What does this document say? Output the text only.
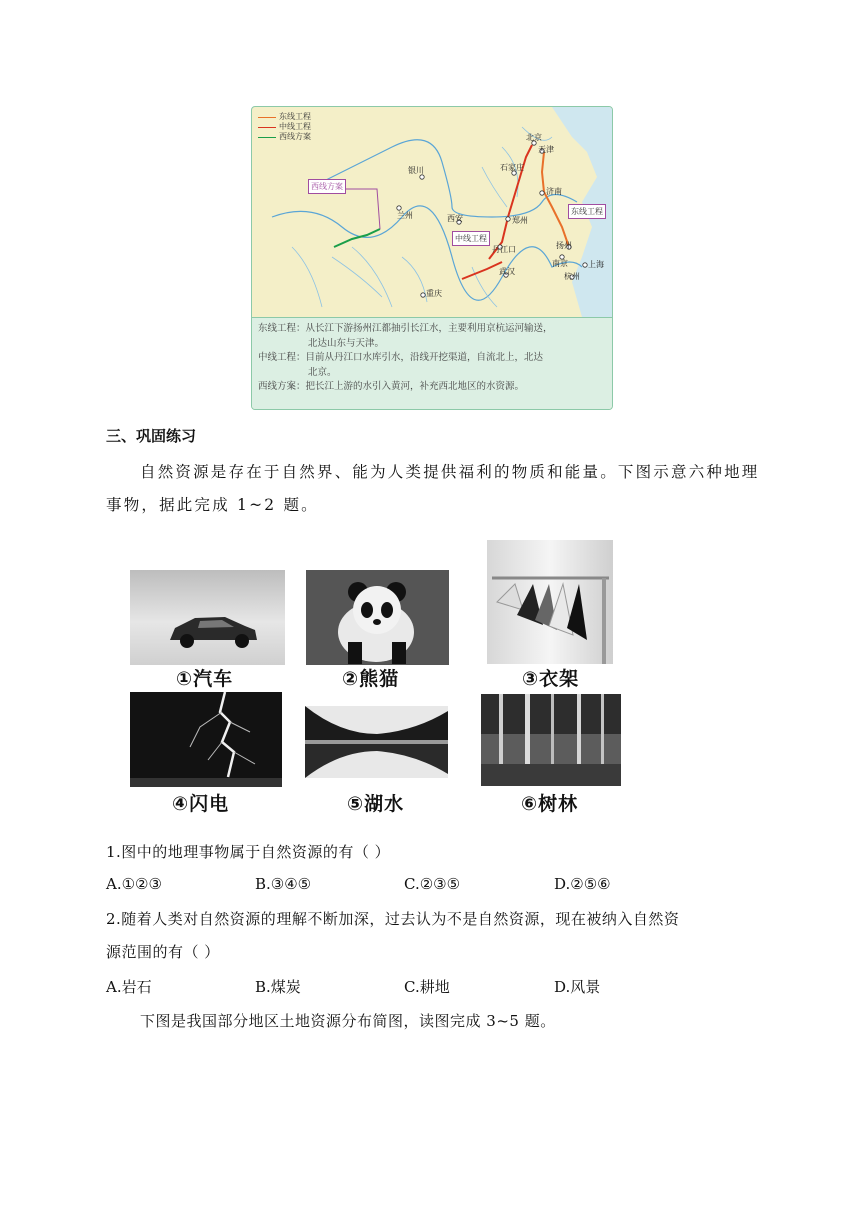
东线工程
中线工程
西线方案	北京
天津
石家庄
济南
银川
兰州	西安	郑州
丹江口
武汉
重庆
扬州
南京	上海
杭州
西线方案
中线工程
东线工程
东线工程：从长江下游扬州江都抽引长江水，主要利用京杭运河输送，
北达山东与天津。
中线工程：目前从丹江口水库引水，沿线开挖渠道，自流北上，北达
北京。
西线方案：把长江上游的水引入黄河，补充西北地区的水资源。
三、巩固练习
自然资源是存在于自然界、能为人类提供福利的物质和能量。下图示意六种地理
事物，据此完成 1~2 题。
①汽车	②熊猫	③衣架
④闪电	⑤湖水	⑥树林
1.图中的地理事物属于自然资源的有（ ）
A.①②③	B.③④⑤	C.②③⑤	D.②⑤⑥
2.随着人类对自然资源的理解不断加深，过去认为不是自然资源，现在被纳入自然资
源范围的有（ ）
A.岩石	B.煤炭	C.耕地	D.风景
下图是我国部分地区土地资源分布简图，读图完成 3~5 题。
